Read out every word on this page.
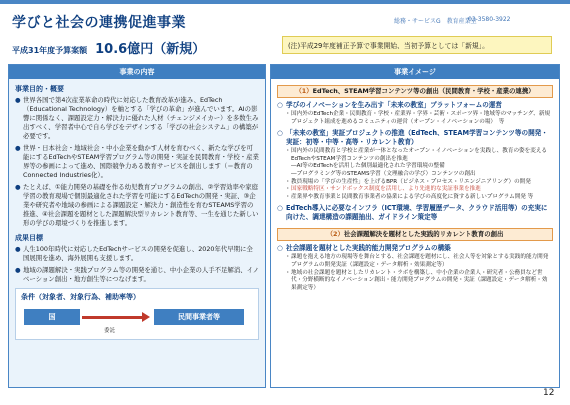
学びと社会の連携促進事業	総務・サービスG　教育産業室
03-3580-3922
平成31年度予算案額 10.6億円（新規）	(注)平成29年度補正予算で事業開始、当初予算としては「新規」。
事業の内容
事業目的・概要
● 世界各国で第4次産業革命の時代に対応した教育改革が進み、EdTech（Educational Technology）を軸とする「学びの革命」が進んでいます。AIの影響に関係なく、課題設定力・解決力に優れた人材（チェンジメイカー）を多数生み出すべく、学習者中心で自ら学びをデザインする「学びの社会システム」の構築が必要です。
● 世界・日本社会・地域社会・中小企業を動かす人材を育むべく、新たな学びを可能にするEdTechやSTEAM学習プログラム等の開発・実証を民間教育・学校・産業界等の参画によって進め、国際競争力ある教育サービスを創出します（＝教育のConnected Industries化）。
● たとえば、①能力開発の基礎を作る幼児教育プログラムの創出、②学習効率や家庭学習の教育現場で個別最適化された学習を可能にするEdTechの開発・実証、③企業や研究者や地域の参画による課題設定・解決力・創造性を育むSTEAMS学習の推進、④社会課題を題材とした課題解決型リカレント教育等、一生を通じた新しい形の学びの環境づくりを推進します。
成果目標
● 人生100年時代に対応したEdTechサービスの開発を促進し、2020年代早期に全国展開を進め、海外展開も支援します。
● 地域の課題解決・実践プログラム等の開発を通じ、中小企業の人手不足解消、イノベーション創出・地方創生等につなげます。
条件（対象者、対象行為、補助率等）
国
委託
民間事業者等
事業イメージ
（1）EdTech、STEAM学習コンテンツ等の創出（民間教育・学校・産業の連携）
○ 学びのイノベーションを生み出す「未来の教室」プラットフォームの運営
・ 国内外のEdTech企業・民間教育・学校・産業界・学界・芸術・スポーツ界・地域等のマッチング、新規プロジェクト組成を進めるコミュニティの運営（オープン・イノベーションの場）　等
○ 「未来の教室」実証プロジェクトの推進（EdTech、STEAM学習コンテンツ等の開発・実証：初等・中等・高等・リカレント教育）
・ 国内外の民間教育と学校と産業が一体となったオープン・イノベーションを実践し、教育の姿を変えるEdTechやSTEAM学習コンテンツの創出を推進
―AI等のEdTechを活用した個別最適化された学習環境の整備
―プログラミング等のSTEAMS学習（文理融合の学び）コンテンツの創出
・ 教員現場の「学びの生産性」を上げるBPR（ビジネス・プロセス・リエンジニアリング）の開発
・ 国家戦略特区・サンドボックス制度を活用し、より先進的な実証事業を推進
・ 産業界や教育事業と民間教育事業者の協業による学びの高度化に資する新しいプログラム開発 等
○ EdTech導入に必要なインフラ（ICT環境、学習履歴データ、クラウド活用等）の充実に向けた、調達構造の課題抽出、ガイドライン策定等
（2）社会課題解決を題材とした実践的リカレント教育の創出
○ 社会課題を題材とした実践的能力開発プログラムの構築
・ 課題を抱える地方の現場等を舞台とする、社会課題を題材にし、社会人等を対象とする実践的能力開発プログラムの開発実証（課題設定・データ解析・効果測定等）
・ 地域の社会課題を題材としたリカレント・ラボを構築し、中小企業の企業人・研究者・公務員など世代・分野横断的なイノベーション創出・能力開発プログラムの開発・実証（課題設定・データ解析・効果測定等）
12
